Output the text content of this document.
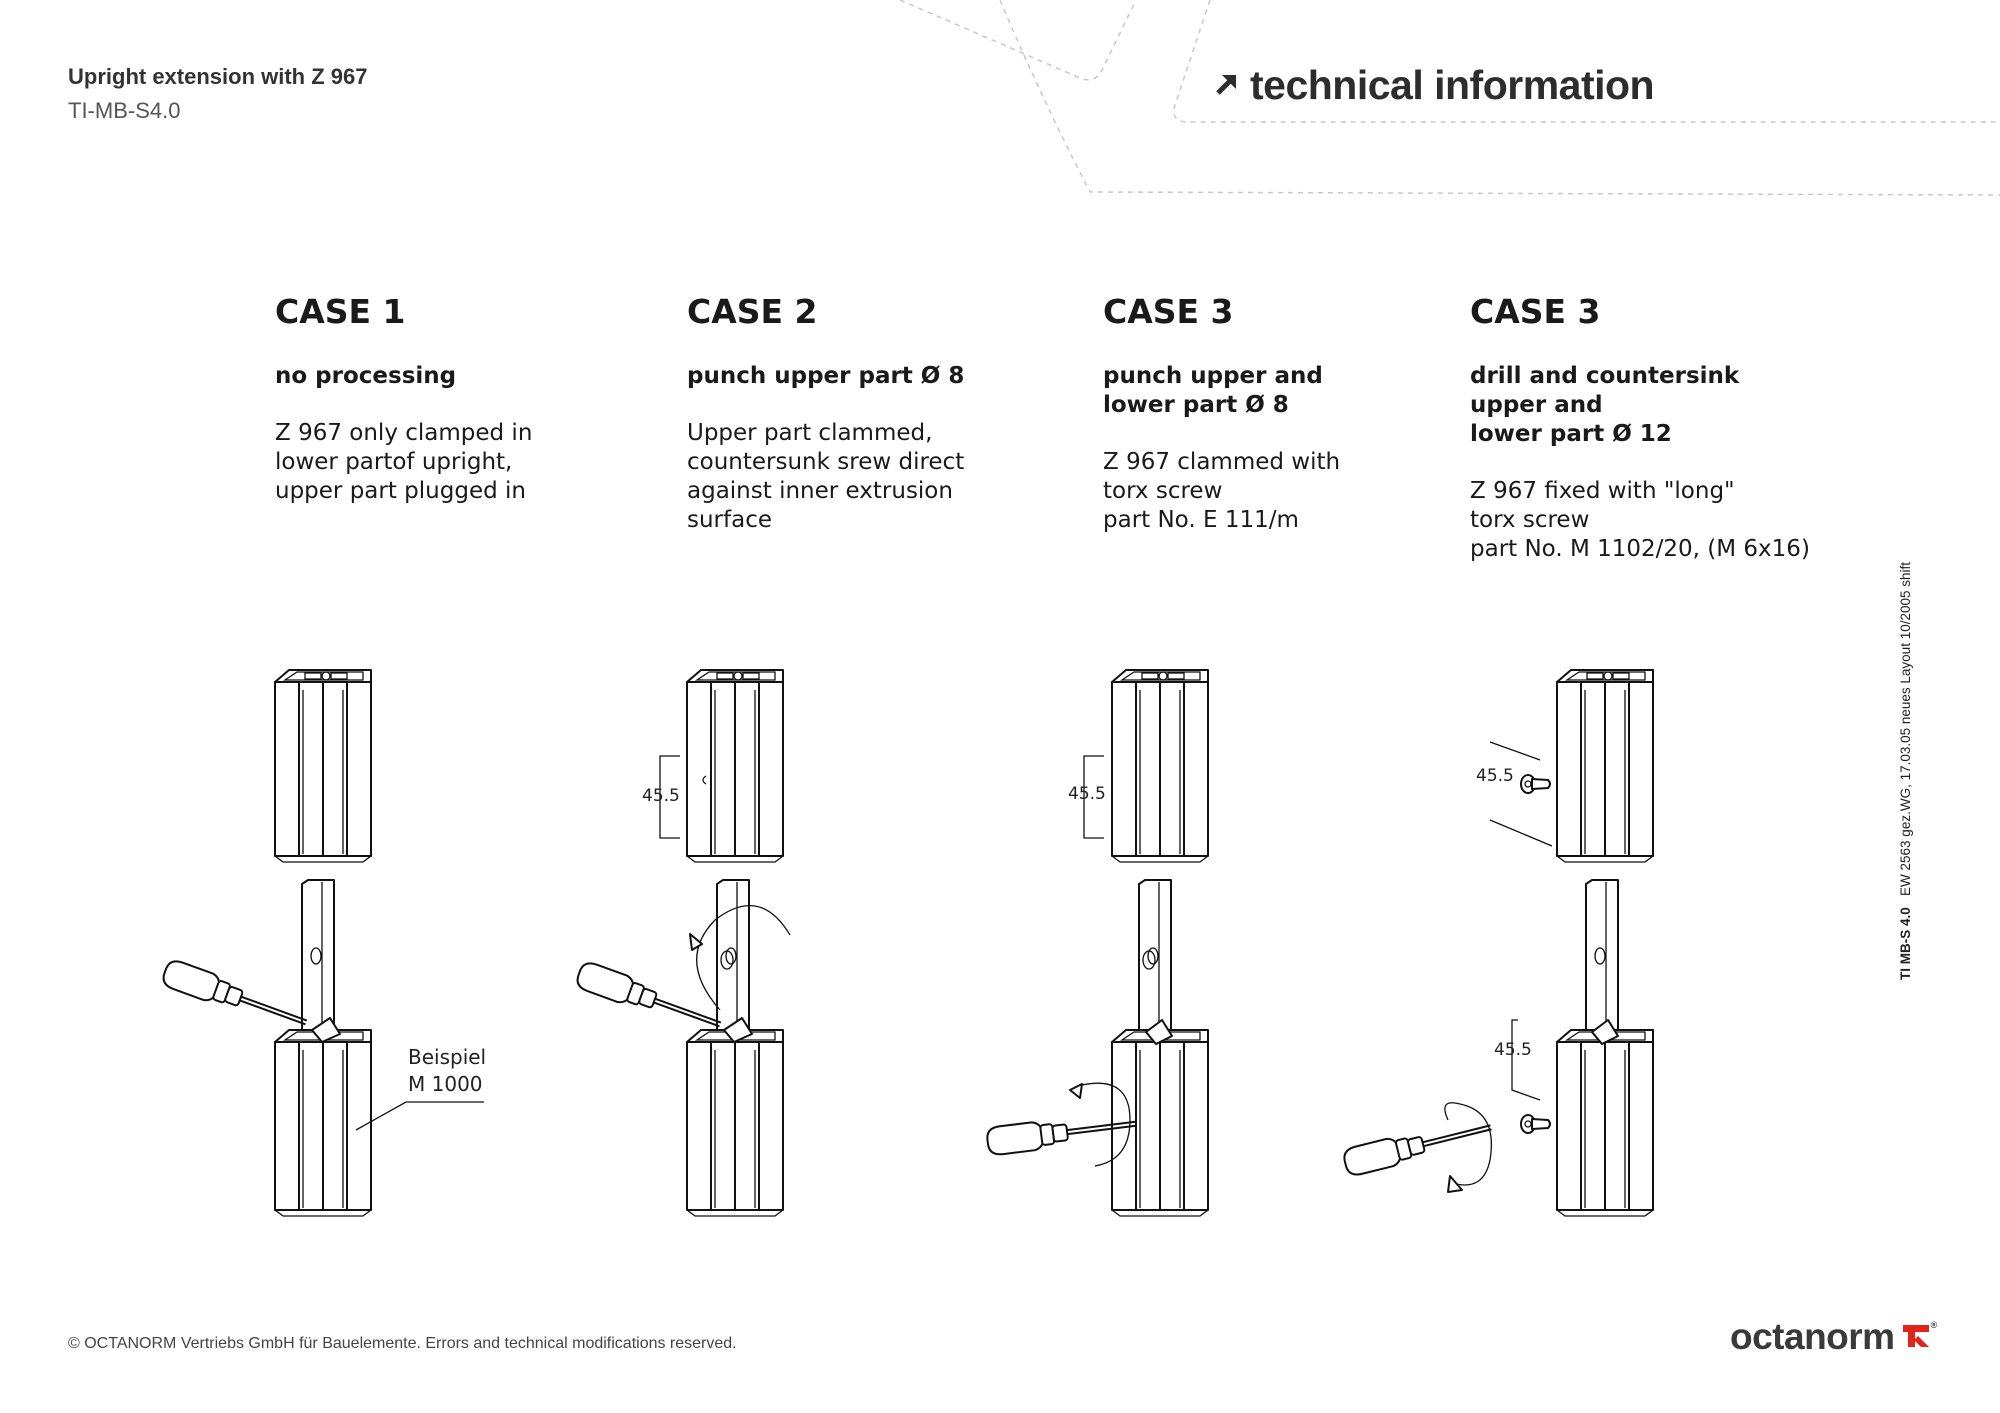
Upright extension with Z 967
TI-MB-S4.0
technical information
CASE 1
no processing
Z 967 only clamped in
lower partof upright,
upper part plugged in
CASE 2
punch upper part Ø 8
Upper part clammed,
countersunk srew direct
against inner extrusion
surface
CASE 3
punch upper and
lower part Ø 8
Z 967 clammed with
torx screw
part No. E 111/m
CASE 3
drill and countersink
upper and
lower part Ø 12
Z 967 fixed with "long"
torx screw
part No. M 1102/20, (M 6x16)
45.5	45.5
45.5
45.5
Beispiel
M 1000
TI MB-S 4.0   EW 2563 gez.WG, 17.03.05 neues Layout 10/2005 shift
© OCTANORM Vertriebs GmbH für Bauelemente. Errors and technical modifications reserved.	octanorm	®
